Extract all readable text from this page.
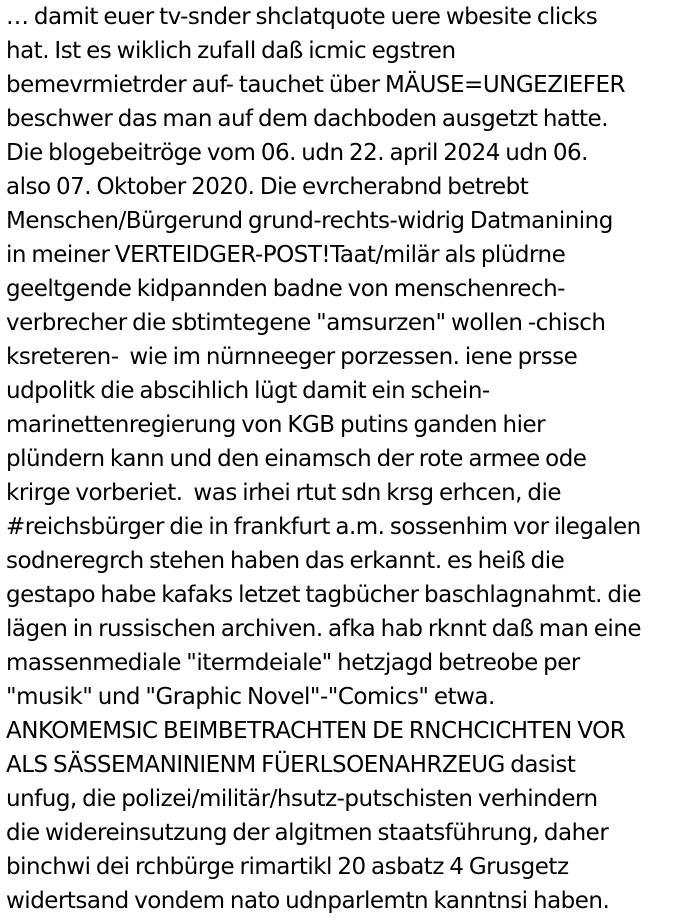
… damit euer tv-snder shclatquote uere wbesite clicks
hat. Ist es wiklich zufall daß icmic egstren
bemevrmietrder auf- tauchet über MÄUSE=UNGEZIEFER
beschwer das man auf dem dachboden ausgetzt hatte.
Die blogebeitröge vom 06. udn 22. april 2024 udn 06.
also 07. Oktober 2020. Die evrcherabnd betrebt
Menschen/Bürgerund grund-rechts-widrig Datmanining
in meiner VERTEIDGER-POST!Taat/milär als plüdrne
geeltgende kidpannden badne von menschenrech-
verbrecher die sbtimtegene "amsurzen" wollen -chisch
ksreteren-  wie im nürnneeger porzessen. iene prsse
udpolitk die abscihlich lügt damit ein schein-
marinettenregierung von KGB putins ganden hier
plündern kann und den einamsch der rote armee ode
krirge vorberiet.  was irhei rtut sdn krsg erhcen, die
#reichsbürger die in frankfurt a.m. sossenhim vor ilegalen
sodneregrch stehen haben das erkannt. es heiß die
gestapo habe kafaks letzet tagbücher baschlagnahmt. die
lägen in russischen archiven. afka hab rknnt daß man eine
massenmediale "itermdeiale" hetzjagd betreobe per
"musik" und "Graphic Novel"-"Comics" etwa.
ANKOMEMSIC BEIMBETRACHTEN DE RNCHCICHTEN VOR
ALS SÄSSEMANINIENM FÜERLSOENAHRZEUG dasist
unfug, die polizei/militär/hsutz-putschisten verhindern
die widereinsutzung der algitmen staatsführung, daher
binchwi dei rchbürge rimartikl 20 asbatz 4 Grusgetz
widertsand vondem nato udnparlemtn kanntnsi haben.
